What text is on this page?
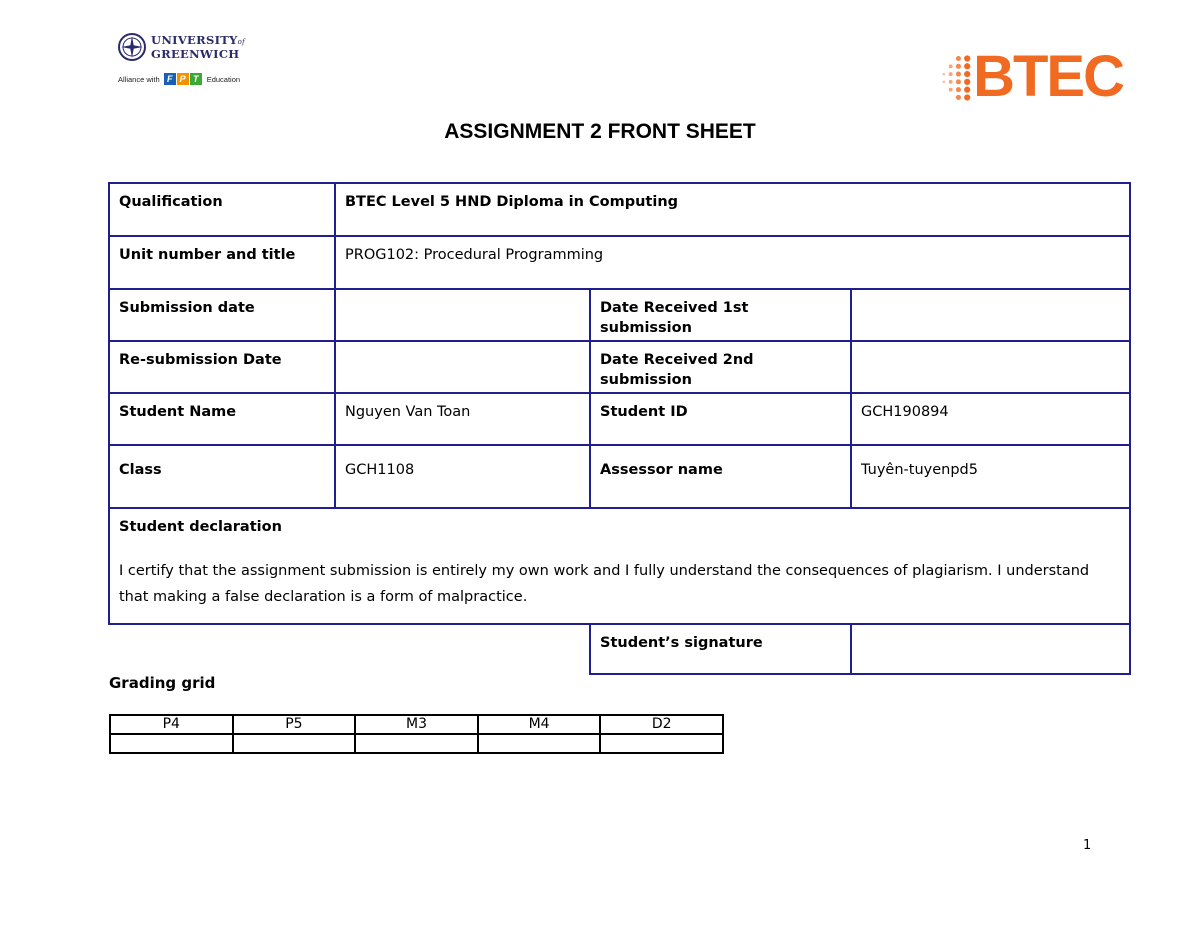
UNIVERSITYof
GREENWICH
Alliance with F P T	Education	BTEC
ASSIGNMENT 2 FRONT SHEET
Qualification	BTEC Level 5 HND Diploma in Computing		
Unit number and title	PROG102: Procedural Programming		
Submission date		Date Received 1st submission	
Re-submission Date		Date Received 2nd submission	
Student Name	Nguyen Van Toan	Student ID	GCH190894
Class	GCH1108	Assessor name	Tuyên-tuyenpd5

Student declaration
I certify that the assignment submission is entirely my own work and I fully understand the consequences of plagiarism. I understand that making a false declaration is a form of malpractice.			

		Student’s signature	
Grading grid
P4	P5	M3	M4	D2

1
